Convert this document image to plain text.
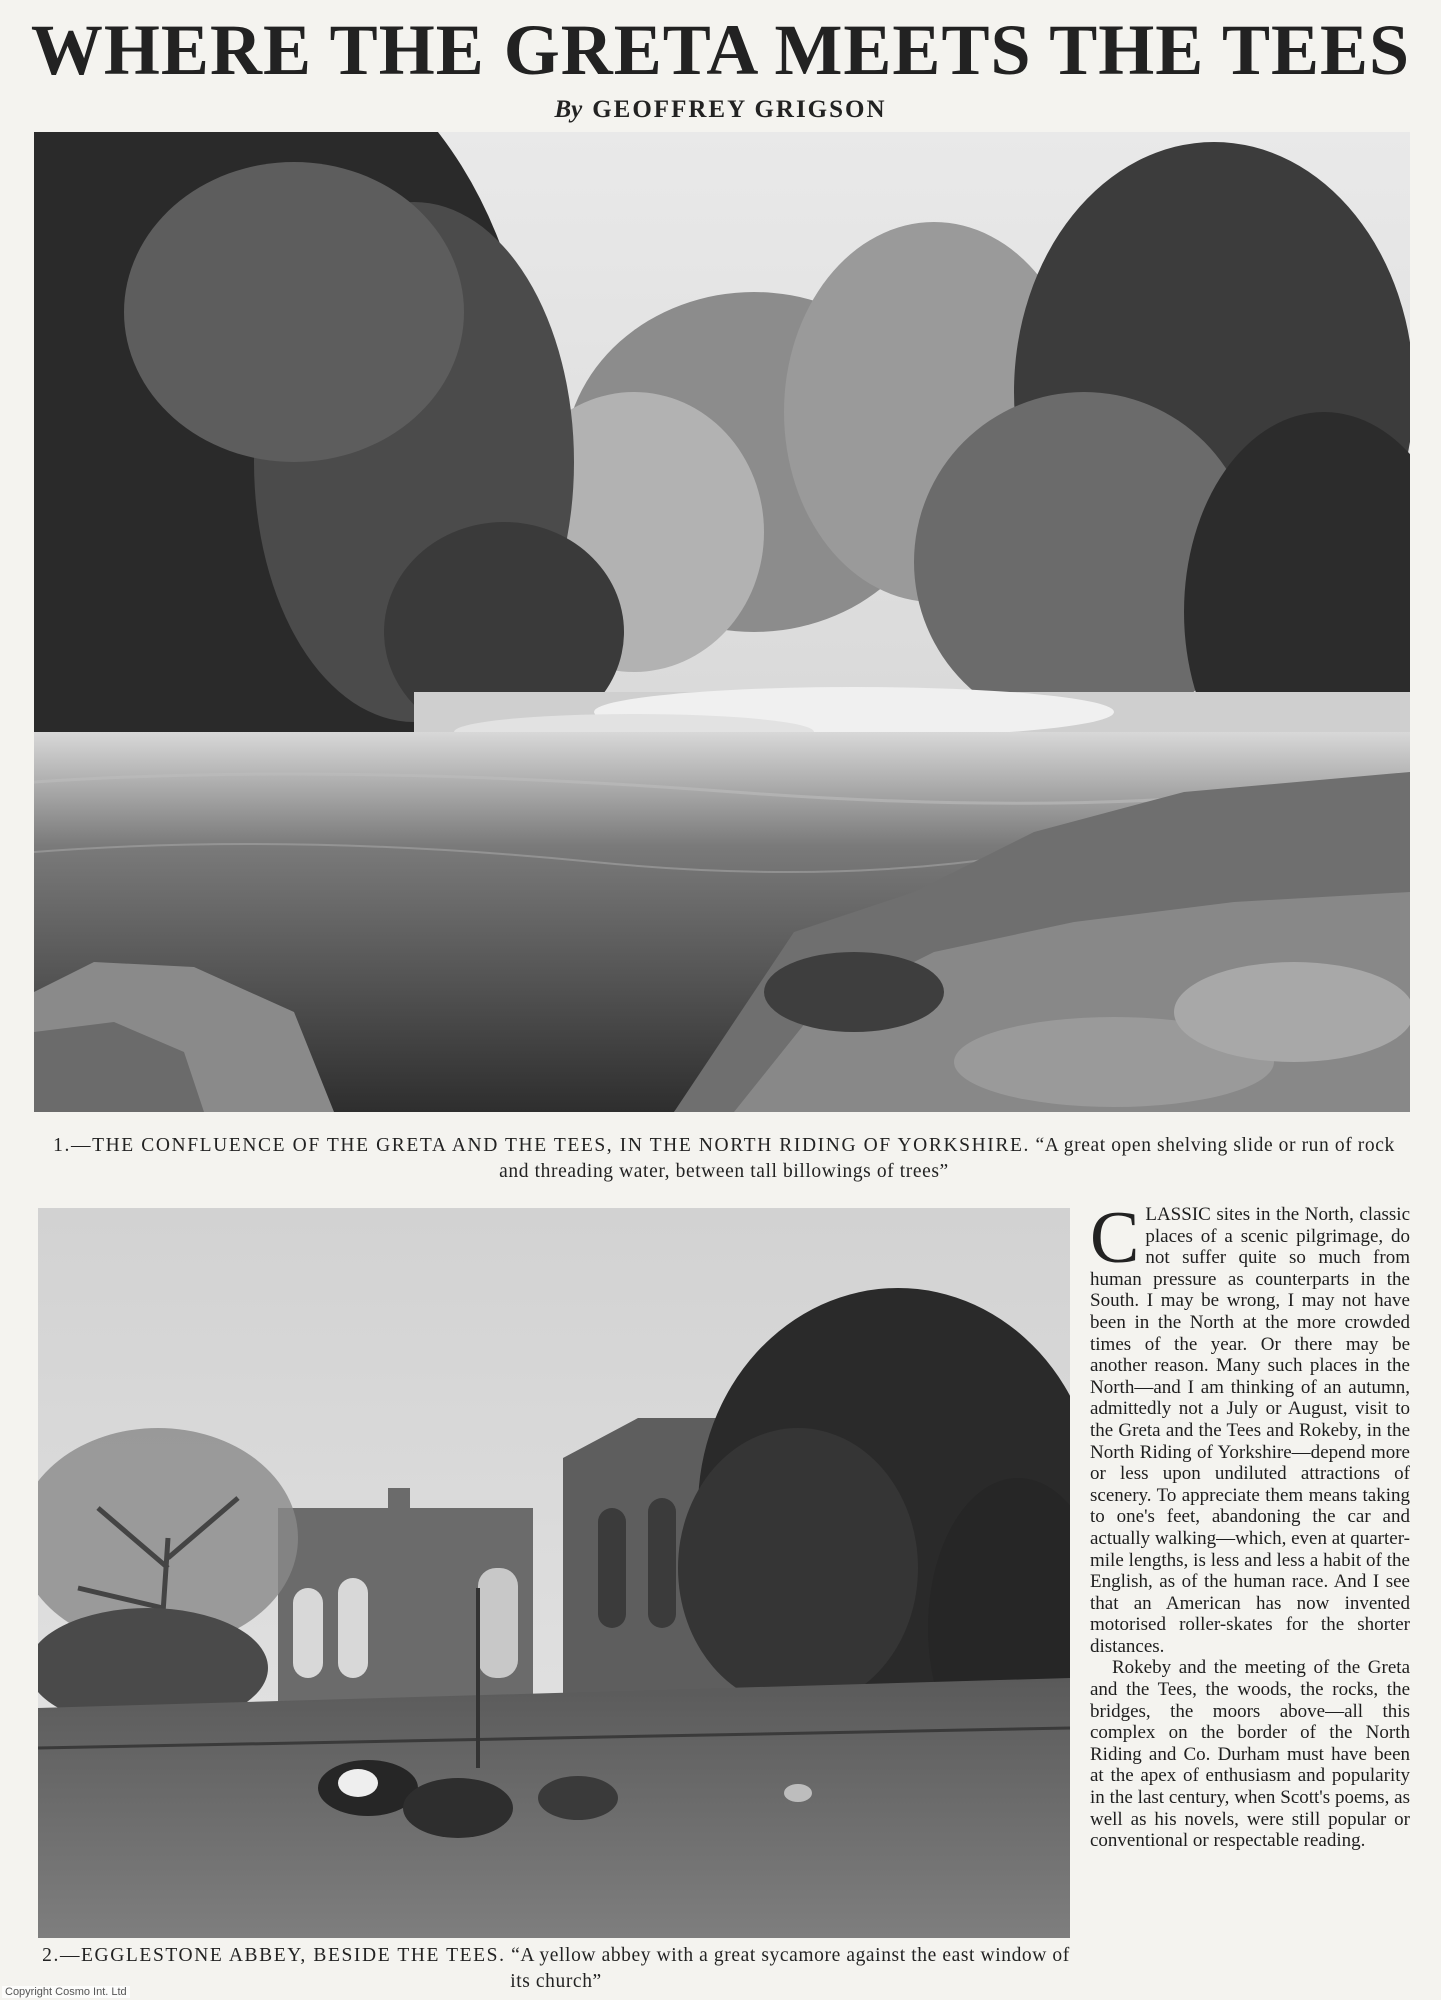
WHERE THE GRETA MEETS THE TEES
By GEOFFREY GRIGSON
1.—THE CONFLUENCE OF THE GRETA AND THE TEES, IN THE NORTH RIDING OF YORKSHIRE. “A great open shelving slide or run of rock and threading water, between tall billowings of trees”
2.—EGGLESTONE ABBEY, BESIDE THE TEES. “A yellow abbey with a great sycamore against the east window of its church”

CLASSIC sites in the North, classic places of a scenic pilgrimage, do not suffer quite so much from human pressure as counterparts in the South. I may be wrong, I may not have been in the North at the more crowded times of the year. Or there may be another reason. Many such places in the North—and I am thinking of an autumn, admittedly not a July or August, visit to the Greta and the Tees and Rokeby, in the North Riding of Yorkshire—depend more or less upon undiluted attractions of scenery. To appreciate them means taking to one's feet, abandoning the car and actually walking—which, even at quarter-mile lengths, is less and less a habit of the English, as of the human race. And I see that an American has now invented motorised roller-skates for the shorter distances.

Rokeby and the meeting of the Greta and the Tees, the woods, the rocks, the bridges, the moors above—all this complex on the border of the North Riding and Co. Durham must have been at the apex of enthusiasm and popularity in the last century, when Scott's poems, as well as his novels, were still popular or conventional or respectable reading.

Copyright Cosmo Int. Ltd
